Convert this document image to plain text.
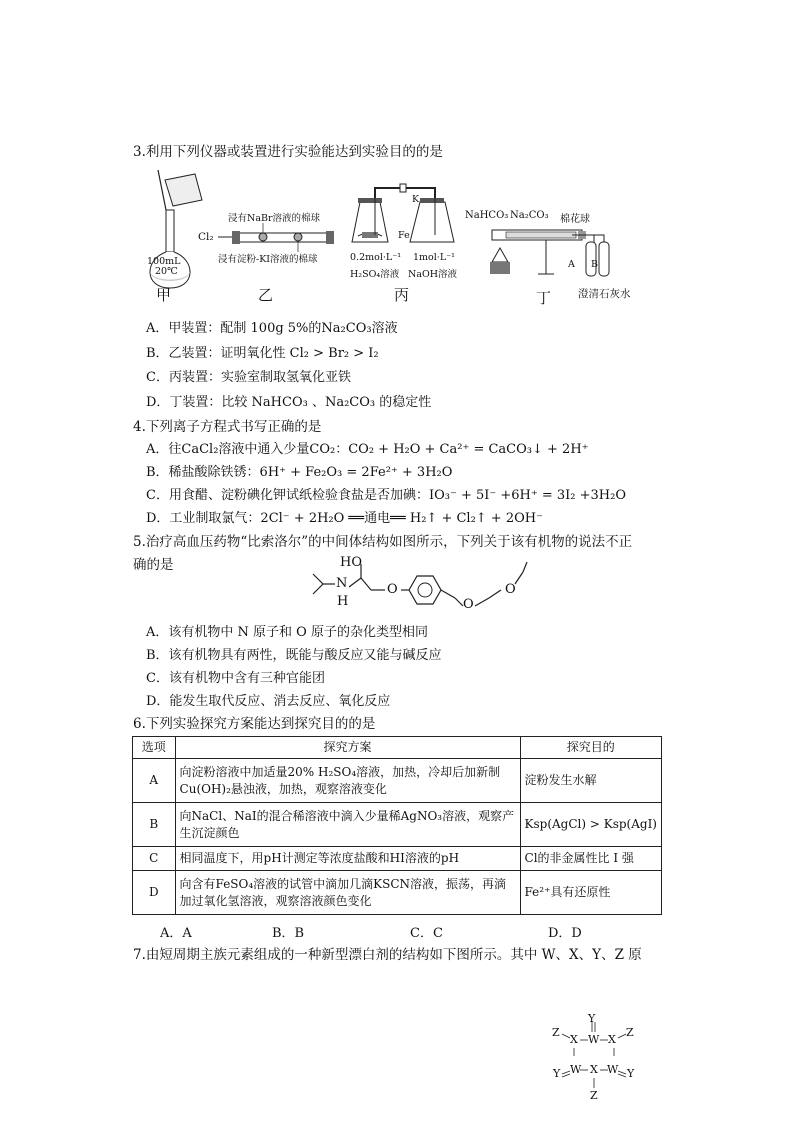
3.利用下列仪器或装置进行实验能达到实验目的的是
100mL
20℃
甲
浸有NaBr溶液的棉球
浸有淀粉-KI溶液的棉球
Cl₂
乙
K
Fe
0.2mol·L⁻¹
H₂SO₄溶液
1mol·L⁻¹
NaOH溶液
丙
NaHCO₃ Na₂CO₃ 棉花球
A B
澄清石灰水
丁
A．甲装置：配制 100g 5%的Na₂CO₃溶液
B．乙装置：证明氧化性 Cl₂ > Br₂ > I₂
C．丙装置：实验室制取氢氧化亚铁
D．丁装置：比较 NaHCO₃ 、Na₂CO₃ 的稳定性
4.下列离子方程式书写正确的是
A．往CaCl₂溶液中通入少量CO₂：CO₂ + H₂O + Ca²⁺ = CaCO₃↓ + 2H⁺
B．稀盐酸除铁锈：6H⁺ + Fe₂O₃ = 2Fe²⁺ + 3H₂O
C．用食醋、淀粉碘化钾试纸检验食盐是否加碘：IO₃⁻ + 5I⁻ +6H⁺ = 3I₂ +3H₂O
D．工业制取氯气：2Cl⁻ + 2H₂O ══通电══ H₂↑ + Cl₂↑ + 2OH⁻
5.治疗高血压药物“比索洛尔”的中间体结构如图所示，下列关于该有机物的说法不正
确的是	HO
N
H
O
O
O
A．该有机物中 N 原子和 O 原子的杂化类型相同
B．该有机物具有两性，既能与酸反应又能与碱反应
C．该有机物中含有三种官能团
D．能发生取代反应、消去反应、氧化反应
6.下列实验探究方案能达到探究目的的是
选项	探究方案	探究目的
A	向淀粉溶液中加适量20% H₂SO₄溶液，加热，冷却后加新制Cu(OH)₂悬浊液，加热，观察溶液变化	淀粉发生水解
B	向NaCl、NaI的混合稀溶液中滴入少量稀AgNO₃溶液，观察产生沉淀颜色	Ksp(AgCl) > Ksp(AgI)
C	相同温度下，用pH计测定等浓度盐酸和HI溶液的pH	Cl的非金属性比 I 强
D	向含有FeSO₄溶液的试管中滴加几滴KSCN溶液，振荡，再滴加过氧化氢溶液，观察溶液颜色变化	Fe²⁺具有还原性
A．A	B．B	C．C	D．D
7.由短周期主族元素组成的一种新型漂白剂的结构如下图所示。其中 W、X、Y、Z 原
Y
W
X
Z
X
Z
Y W X W Y
Z
